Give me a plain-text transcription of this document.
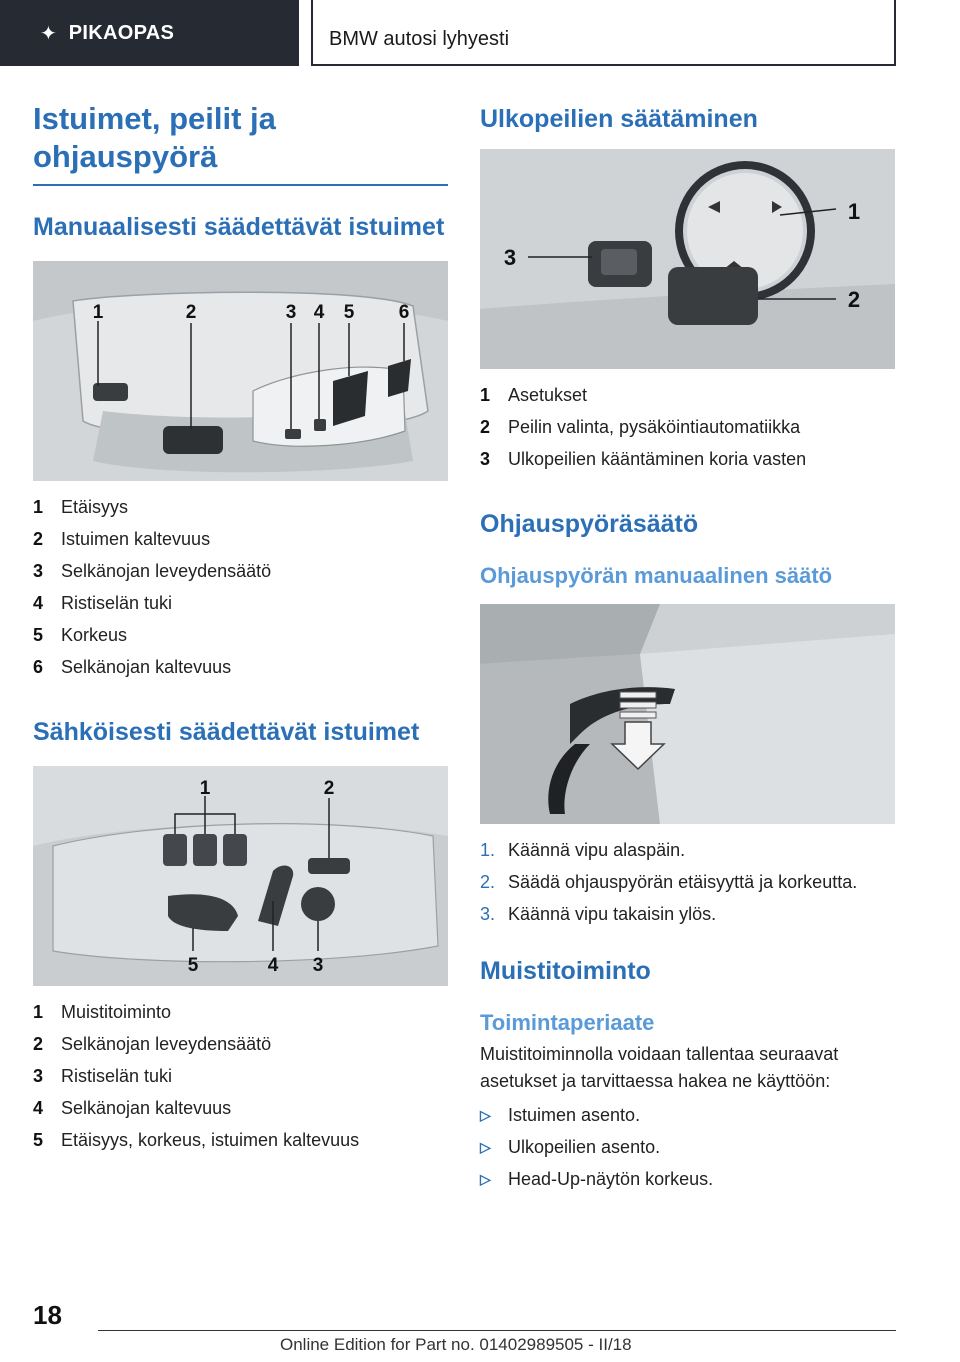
✦ PIKAOPAS	BMW autosi lyhyesti
Istuimet, peilit ja ohjauspyörä
Manuaalisesti säädettävät istuimet
1	2	3 4 5 6
1 Etäisyys
2 Istuimen kaltevuus
3 Selkänojan leveydensäätö
4 Ristiselän tuki
5 Korkeus
6 Selkänojan kaltevuus
Sähköisesti säädettävät istuimet
1	2
3
4
5
1 Muistitoiminto
2 Selkänojan leveydensäätö
3 Ristiselän tuki
4 Selkänojan kaltevuus
5 Etäisyys, korkeus, istuimen kaltevuus
Ulkopeilien säätäminen
1
2
3
1 Asetukset
2 Peilin valinta, pysäköintiautomatiikka
3 Ulkopeilien kääntäminen koria vasten
Ohjauspyöräsäätö
Ohjauspyörän manuaalinen säätö
1. Käännä vipu alaspäin.
2. Säädä ohjauspyörän etäisyyttä ja korkeutta.
3. Käännä vipu takaisin ylös.
Muistitoiminto
Toimintaperiaate
Muistitoiminnolla voidaan tallentaa seuraavat asetukset ja tarvittaessa hakea ne käyttöön:
▷ Istuimen asento.
▷ Ulkopeilien asento.
▷ Head-Up-näytön korkeus.
18
Online Edition for Part no. 01402989505 - II/18
